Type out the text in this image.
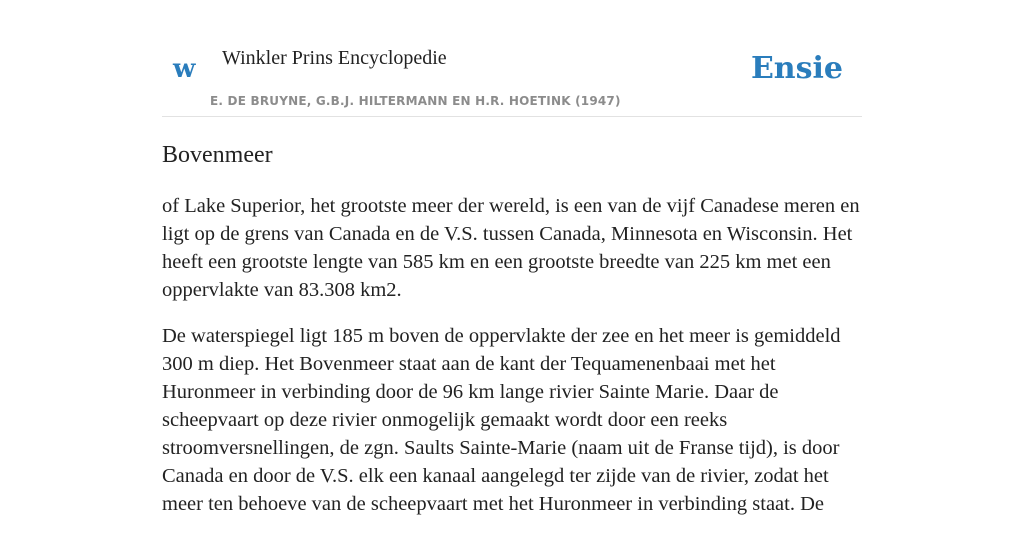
w Winkler Prins Encyclopedie
E. DE BRUYNE, G.B.J. HILTERMANN EN H.R. HOETINK (1947)
Ensie
Bovenmeer

of Lake Superior, het grootste meer der wereld, is een van de vijf Canadese meren en ligt op de grens van Canada en de V.S. tussen Canada, Minnesota en Wisconsin. Het heeft een grootste lengte van 585 km en een grootste breedte van 225 km met een oppervlakte van 83.308 km2.

De waterspiegel ligt 185 m boven de oppervlakte der zee en het meer is gemiddeld 300 m diep. Het Bovenmeer staat aan de kant der Tequamenenbaai met het Huronmeer in verbinding door de 96 km lange rivier Sainte Marie. Daar de scheepvaart op deze rivier onmogelijk gemaakt wordt door een reeks stroomversnellingen, de zgn. Saults Sainte-Marie (naam uit de Franse tijd), is door Canada en door de V.S. elk een kanaal aangelegd ter zijde van de rivier, zodat het meer ten behoeve van de scheepvaart met het Huronmeer in verbinding staat. De
